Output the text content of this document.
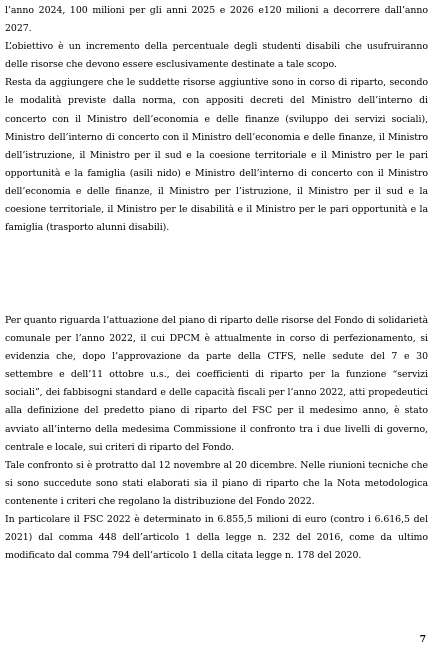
l’anno 2024, 100 milioni per gli anni 2025 e 2026 e120 milioni a decorrere dall’anno 2027.

L’obiettivo è un incremento della percentuale degli studenti disabili che usufruiranno delle risorse che devono essere esclusivamente destinate a tale scopo.

Resta da aggiungere che le suddette risorse aggiuntive sono in corso di riparto, secondo le modalità previste dalla norma, con appositi decreti del Ministro dell’interno di concerto con il Ministro dell’economia e delle finanze (sviluppo dei servizi sociali), Ministro dell’interno di concerto con il Ministro dell’economia e delle finanze, il Ministro dell’istruzione, il Ministro per il sud e la coesione territoriale e il Ministro per le pari opportunità e la famiglia (asili nido) e Ministro dell’interno di concerto con il Ministro dell’economia e delle finanze, il Ministro per l’istruzione, il Ministro per il sud e la coesione territoriale, il Ministro per le disabilità e il Ministro per le pari opportunità e la famiglia (trasporto alunni disabili).

Per quanto riguarda l’attuazione del piano di riparto delle risorse del Fondo di solidarietà comunale per l’anno 2022, il cui DPCM è attualmente in corso di perfezionamento, si evidenzia che, dopo l’approvazione da parte della CTFS, nelle sedute del 7 e 30 settembre e dell’11 ottobre u.s., dei coefficienti di riparto per la funzione “servizi sociali”, dei fabbisogni standard e delle capacità fiscali per l’anno 2022, atti propedeutici alla definizione del predetto piano di riparto del FSC per il medesimo anno, è stato avviato all’interno della medesima Commissione il confronto tra i due livelli di governo, centrale e locale, sui criteri di riparto del Fondo.

Tale confronto si è protratto dal 12 novembre al 20 dicembre. Nelle riunioni tecniche che si sono succedute sono stati elaborati sia il piano di riparto che la Nota metodologica contenente i criteri che regolano la distribuzione del Fondo 2022.

In particolare il FSC 2022 è determinato in 6.855,5 milioni di euro (contro i 6.616,5 del 2021) dal comma 448 dell’articolo 1 della legge n. 232 del 2016, come da ultimo modificato dal comma 794 dell’articolo 1 della citata legge n. 178 del 2020.

7
